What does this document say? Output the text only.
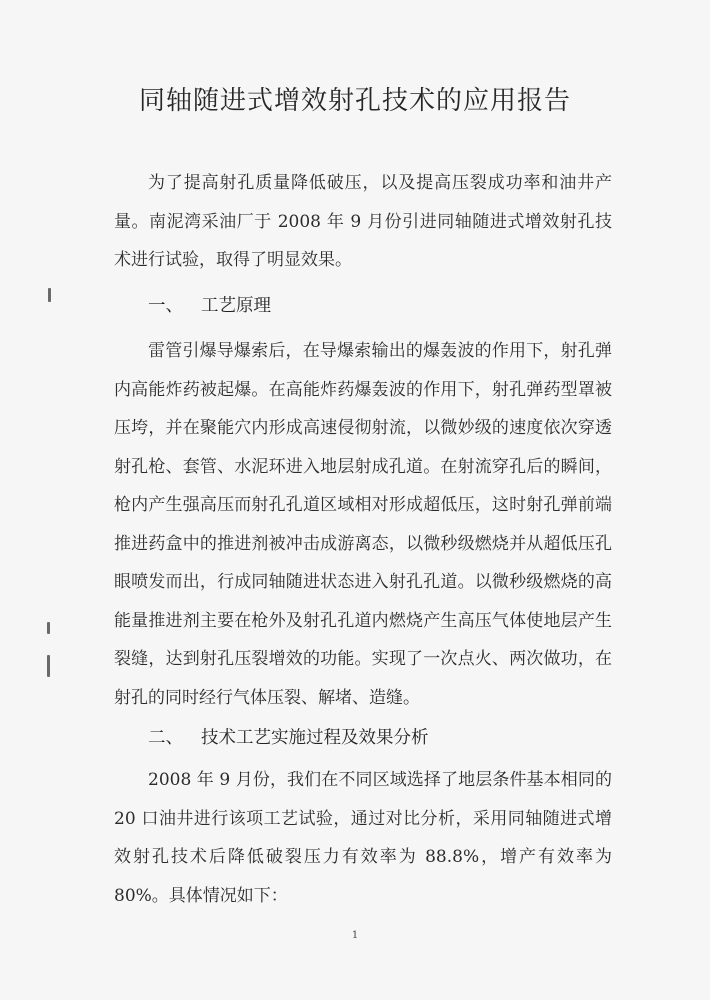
同轴随进式增效射孔技术的应用报告

为了提高射孔质量降低破压，以及提高压裂成功率和油井产量。南泥湾采油厂于 2008 年 9 月份引进同轴随进式增效射孔技术进行试验，取得了明显效果。

一、 工艺原理

雷管引爆导爆索后，在导爆索输出的爆轰波的作用下，射孔弹内高能炸药被起爆。在高能炸药爆轰波的作用下，射孔弹药型罩被压垮，并在聚能穴内形成高速侵彻射流，以微妙级的速度依次穿透射孔枪、套管、水泥环进入地层射成孔道。在射流穿孔后的瞬间，枪内产生强高压而射孔孔道区域相对形成超低压，这时射孔弹前端推进药盒中的推进剂被冲击成游离态，以微秒级燃烧并从超低压孔眼喷发而出，行成同轴随进状态进入射孔孔道。以微秒级燃烧的高能量推进剂主要在枪外及射孔孔道内燃烧产生高压气体使地层产生裂缝，达到射孔压裂增效的功能。实现了一次点火、两次做功，在射孔的同时经行气体压裂、解堵、造缝。

二、 技术工艺实施过程及效果分析

2008 年 9 月份，我们在不同区域选择了地层条件基本相同的 20 口油井进行该项工艺试验，通过对比分析，采用同轴随进式增效射孔技术后降低破裂压力有效率为 88.8%，增产有效率为 80%。具体情况如下：

1
